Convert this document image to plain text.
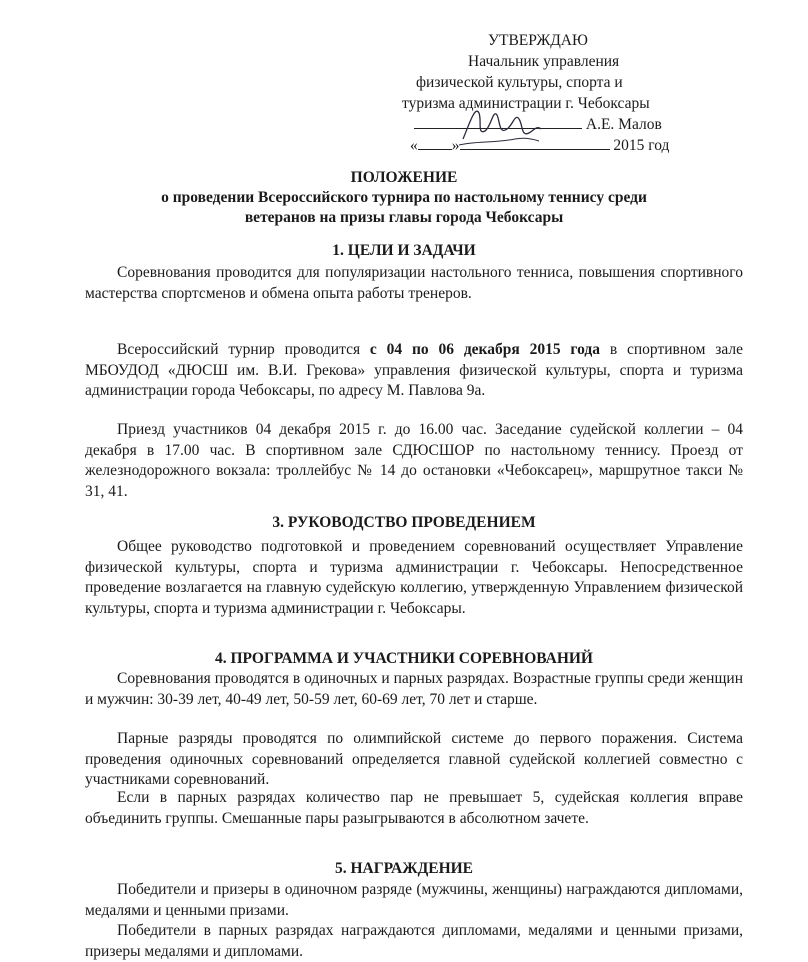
УТВЕРЖДАЮ
Начальник управления
физической культуры, спорта и
туризма администрации г. Чебоксары
А.Е. Малов
« »	2015 год
ПОЛОЖЕНИЕ
о проведении Всероссийского турнира по настольному теннису среди
ветеранов на призы главы города Чебоксары
1. ЦЕЛИ И ЗАДАЧИ
Соревнования проводится для популяризации настольного тенниса, повышения спортивного мастерства спортсменов и обмена опыта работы тренеров.
Всероссийский турнир проводится с 04 по 06 декабря 2015 года в спортивном зале МБОУДОД «ДЮСШ им. В.И. Грекова» управления физической культуры, спорта и туризма администрации города Чебоксары, по адресу М. Павлова 9а.
Приезд участников 04 декабря 2015 г. до 16.00 час. Заседание судейской коллегии – 04 декабря в 17.00 час. В спортивном зале СДЮСШОР по настольному теннису. Проезд от железнодорожного вокзала: троллейбус № 14 до остановки «Чебоксарец», маршрутное такси № 31, 41.
3. РУКОВОДСТВО ПРОВЕДЕНИЕМ
Общее руководство подготовкой и проведением соревнований осуществляет Управление физической культуры, спорта и туризма администрации г. Чебоксары. Непосредственное проведение возлагается на главную судейскую коллегию, утвержденную Управлением физической культуры, спорта и туризма администрации г. Чебоксары.
4. ПРОГРАММА И УЧАСТНИКИ СОРЕВНОВАНИЙ
Соревнования проводятся в одиночных и парных разрядах. Возрастные группы среди женщин и мужчин: 30-39 лет, 40-49 лет, 50-59 лет, 60-69 лет, 70 лет и старше.
Парные разряды проводятся по олимпийской системе до первого поражения. Система проведения одиночных соревнований определяется главной судейской коллегией совместно с участниками соревнований.
Если в парных разрядах количество пар не превышает 5, судейская коллегия вправе объединить группы. Смешанные пары разыгрываются в абсолютном зачете.
5. НАГРАЖДЕНИЕ
Победители и призеры в одиночном разряде (мужчины, женщины) награждаются дипломами, медалями и ценными призами.
Победители в парных разрядах награждаются дипломами, медалями и ценными призами, призеры медалями и дипломами.
